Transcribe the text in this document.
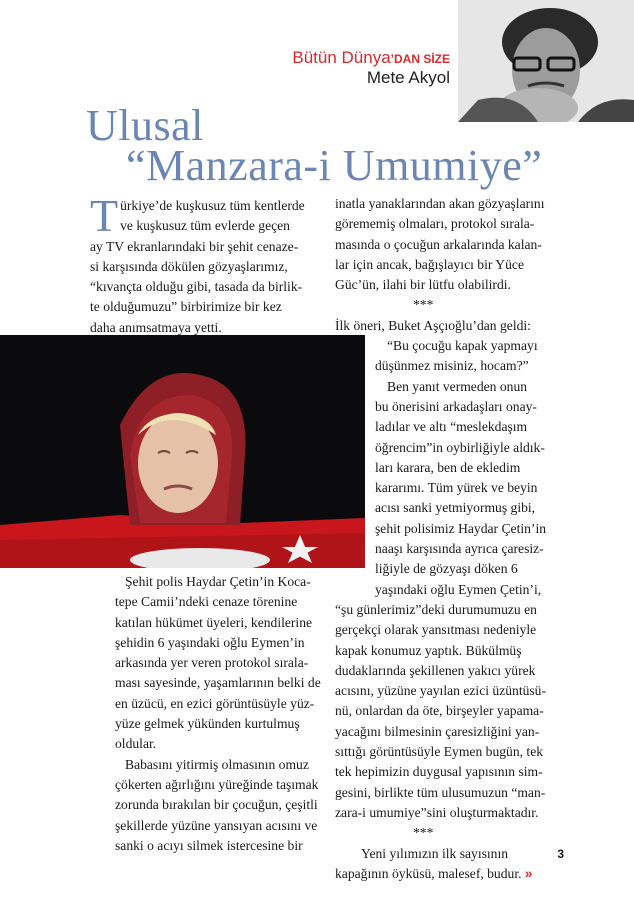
Bütün Dünya’DAN SİZE
Mete Akyol
Ulusal
“Manzara-i Umumiye”
T ürkiye’de kuşkusuz tüm kentlerde
ve kuşkusuz tüm evlerde geçen
ay TV ekranlarındaki bir şehit cenaze-
si karşısında dökülen gözyaşlarımız,
“kıvançta olduğu gibi, tasada da birlik-
te olduğumuzu” birbirimize bir kez
daha anımsatmaya yetti.
Şehit polis Haydar Çetin’in Koca-
tepe Camii’ndeki cenaze törenine
katılan hükümet üyeleri, kendilerine
şehidin 6 yaşındaki oğlu Eymen’in
arkasında yer veren protokol sırala-
ması sayesinde, yaşamlarının belki de
en üzücü, en ezici görüntüsüyle yüz-
yüze gelmek yükünden kurtulmuş
oldular.
Babasını yitirmiş olmasının omuz
çökerten ağırlığını yüreğinde taşımak
zorunda bırakılan bir çocuğun, çeşitli
şekillerde yüzüne yansıyan acısını ve
sanki o acıyı silmek istercesine bir
inatla yanaklarından akan gözyaşlarını
görememiş olmaları, protokol sırala-
masında o çocuğun arkalarında kalan-
lar için ancak, bağışlayıcı bir Yüce
Güc’ün, ilahi bir lütfu olabilirdi.
***
İlk öneri, Buket Aşçıoğlu’dan geldi:
“Bu çocuğu kapak yapmayı
düşünmez misiniz, hocam?”
Ben yanıt vermeden onun
bu önerisini arkadaşları onay-
ladılar ve altı “meslekdaşım
öğrencim”in oybirliğiyle aldık-
ları karara, ben de ekledim
kararımı. Tüm yürek ve beyin
acısı sanki yetmiyormuş gibi,
şehit polisimiz Haydar Çetin’in
naaşı karşısında ayrıca çaresiz-
liğiyle de gözyaşı döken 6
yaşındaki oğlu Eymen Çetin’i,
“şu günlerimiz”deki durumumuzu en
gerçekçi olarak yansıtması nedeniyle
kapak konumuz yaptık. Bükülmüş
dudaklarında şekillenen yakıcı yürek
acısını, yüzüne yayılan ezici üzüntüsü-
nü, onlardan da öte, birşeyler yapama-
yacağını bilmesinin çaresizliğini yan-
sıttığı görüntüsüyle Eymen bugün, tek
tek hepimizin duygusal yapısının sim-
gesini, birlikte tüm ulusumuzun “man-
zara-i umumiye”sini oluşturmaktadır.
***
Yeni yılımızın ilk sayısının
kapağının öyküsü, malesef, budur. »
3
